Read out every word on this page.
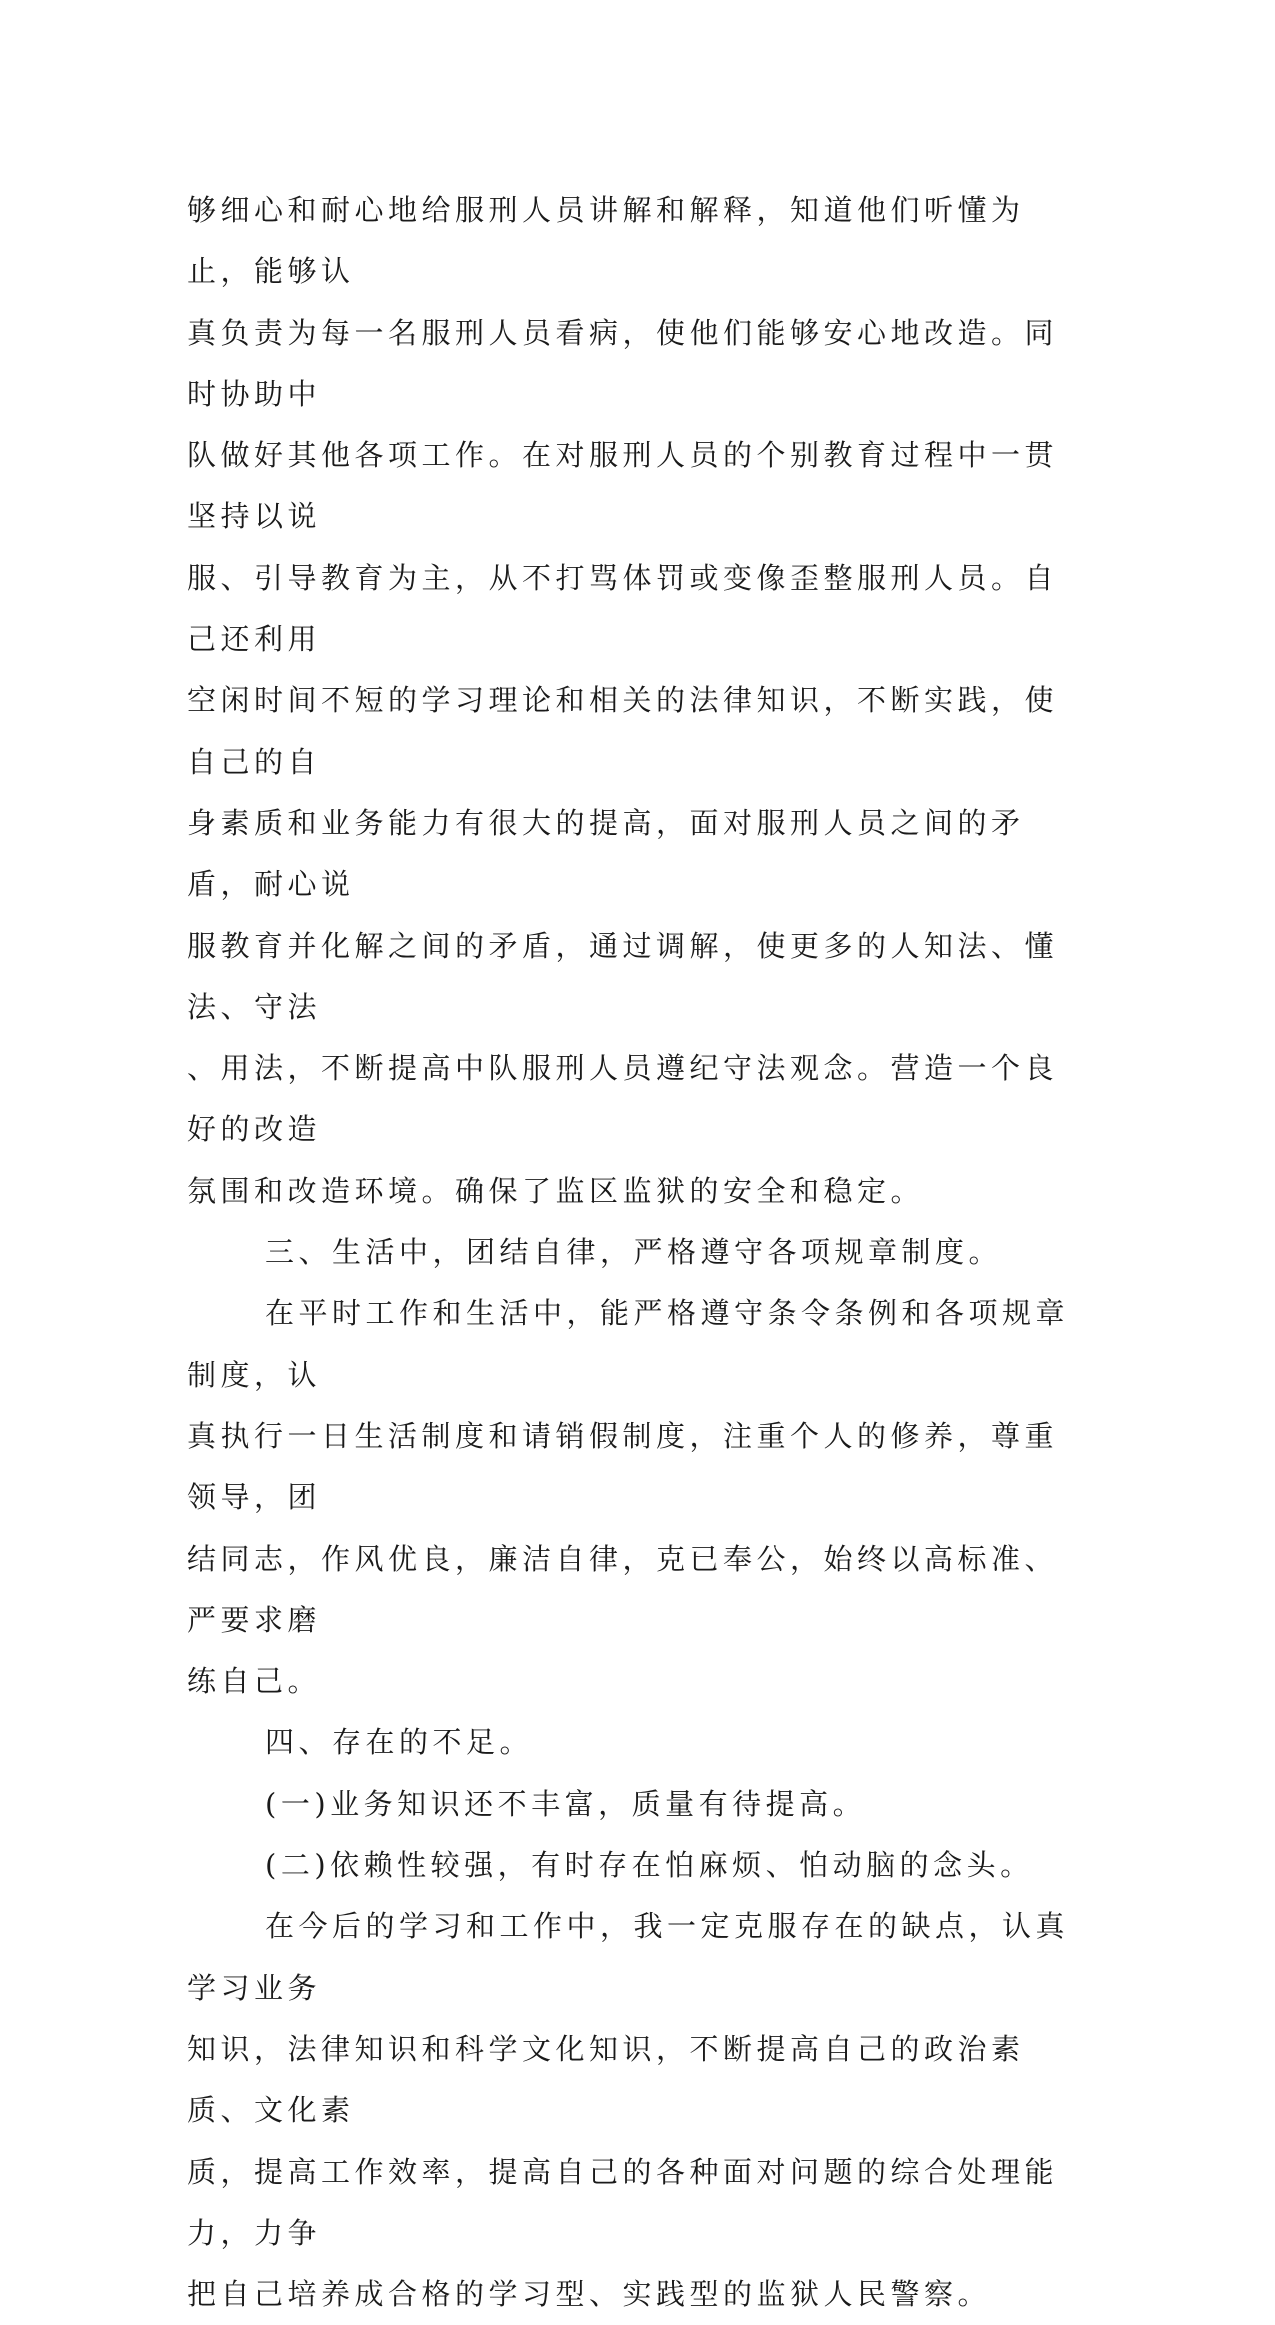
够细心和耐心地给服刑人员讲解和解释，知道他们听懂为止，能够认
真负责为每一名服刑人员看病，使他们能够安心地改造。同时协助中
队做好其他各项工作。在对服刑人员的个别教育过程中一贯坚持以说
服、引导教育为主，从不打骂体罚或变像歪整服刑人员。自己还利用
空闲时间不短的学习理论和相关的法律知识，不断实践，使自己的自
身素质和业务能力有很大的提高，面对服刑人员之间的矛盾，耐心说
服教育并化解之间的矛盾，通过调解，使更多的人知法、懂法、守法
、用法，不断提高中队服刑人员遵纪守法观念。营造一个良好的改造
氛围和改造环境。确保了监区监狱的安全和稳定。

三、生活中，团结自律，严格遵守各项规章制度。

在平时工作和生活中，能严格遵守条令条例和各项规章制度，认
真执行一日生活制度和请销假制度，注重个人的修养，尊重领导，团
结同志，作风优良，廉洁自律，克已奉公，始终以高标准、严要求磨
练自己。

四、存在的不足。

(一)业务知识还不丰富，质量有待提高。

(二)依赖性较强，有时存在怕麻烦、怕动脑的念头。

在今后的学习和工作中，我一定克服存在的缺点，认真学习业务
知识，法律知识和科学文化知识，不断提高自己的政治素质、文化素
质，提高工作效率，提高自己的各种面对问题的综合处理能力，力争
把自己培养成合格的学习型、实践型的监狱人民警察。
